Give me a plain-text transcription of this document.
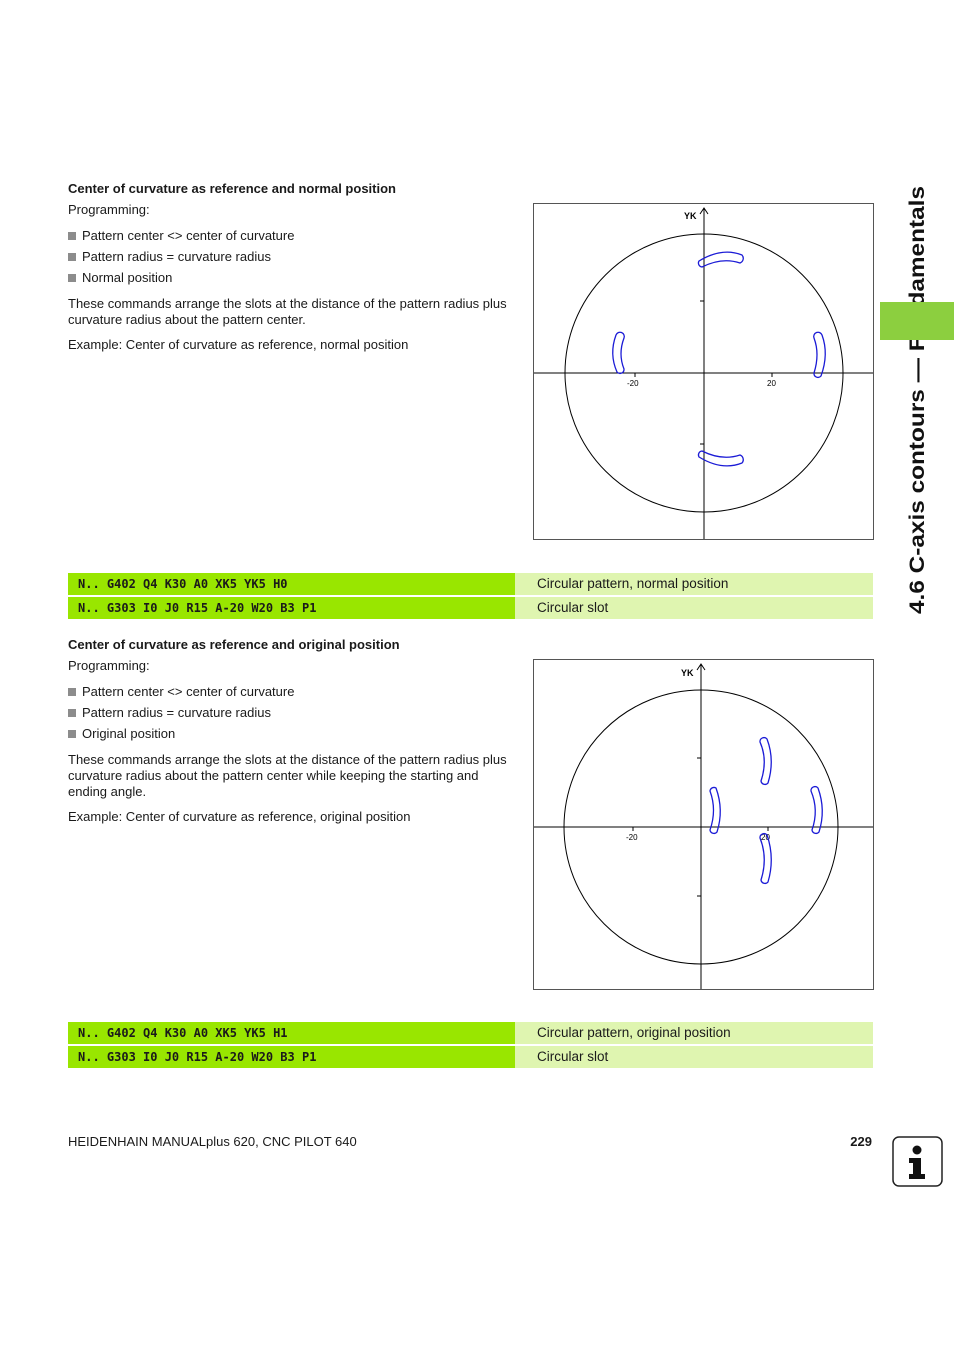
4.6 C-axis contours — Fundamentals
Center of curvature as reference and normal position
Programming:
Pattern center <> center of curvature
Pattern radius = curvature radius
Normal position
These commands arrange the slots at the distance of the pattern radius plus curvature radius about the pattern center.
Example: Center of curvature as reference, normal position
YK
-20	20
N.. G402 Q4 K30 A0 XK5 YK5 H0	Circular pattern, normal position
N.. G303 I0 J0 R15 A-20 W20 B3 P1	Circular slot
Center of curvature as reference and original position
Programming:
Pattern center <> center of curvature
Pattern radius = curvature radius
Original position
These commands arrange the slots at the distance of the pattern radius plus curvature radius about the pattern center while keeping the starting and ending angle.
Example: Center of curvature as reference, original position
YK
-20	20
N.. G402 Q4 K30 A0 XK5 YK5 H1	Circular pattern, original position
N.. G303 I0 J0 R15 A-20 W20 B3 P1	Circular slot
HEIDENHAIN MANUALplus 620, CNC PILOT 640	229
